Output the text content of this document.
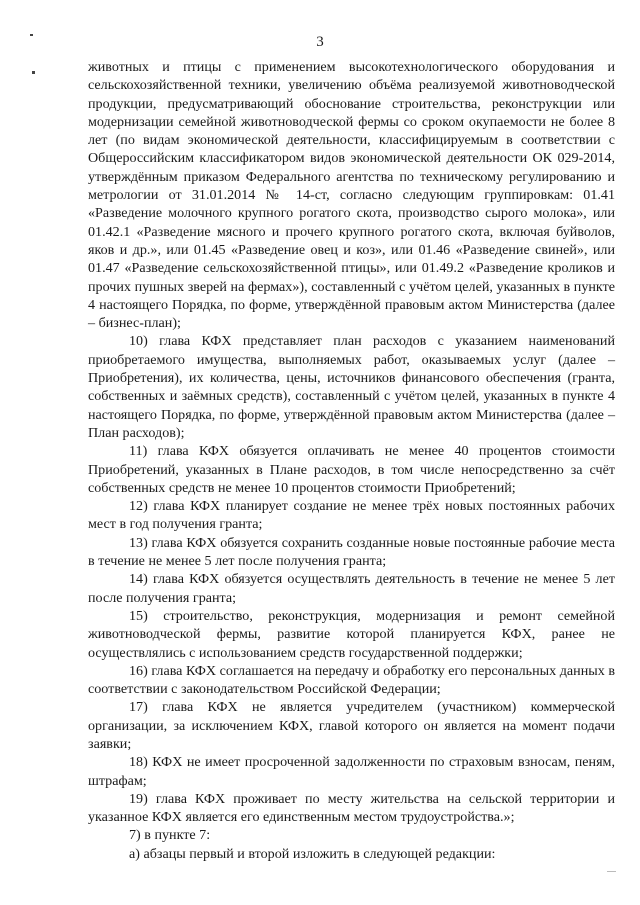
3

животных и птицы с применением высокотехнологического оборудования и сельскохозяйственной техники, увеличению объёма реализуемой животноводческой продукции, предусматривающий обоснование строительства, реконструкции или модернизации семейной животноводческой фермы со сроком окупаемости не более 8 лет (по видам экономической деятельности, классифицируемым в соответствии с Общероссийским классификатором видов экономической деятельности ОК 029-2014, утверждённым приказом Федерального агентства по техническому регулированию и метрологии от 31.01.2014 № 14-ст, согласно следующим группировкам: 01.41 «Разведение молочного крупного рогатого скота, производство сырого молока», или 01.42.1 «Разведение мясного и прочего крупного рогатого скота, включая буйволов, яков и др.», или 01.45 «Разведение овец и коз», или 01.46 «Разведение свиней», или 01.47 «Разведение сельскохозяйственной птицы», или 01.49.2 «Разведение кроликов и прочих пушных зверей на фермах»), составленный с учётом целей, указанных в пункте 4 настоящего Порядка, по форме, утверждённой правовым актом Министерства (далее – бизнес-план);

10) глава КФХ представляет план расходов с указанием наименований приобретаемого имущества, выполняемых работ, оказываемых услуг (далее – Приобретения), их количества, цены, источников финансового обеспечения (гранта, собственных и заёмных средств), составленный с учётом целей, указанных в пункте 4 настоящего Порядка, по форме, утверждённой правовым актом Министерства (далее – План расходов);

11) глава КФХ обязуется оплачивать не менее 40 процентов стоимости Приобретений, указанных в Плане расходов, в том числе непосредственно за счёт собственных средств не менее 10 процентов стоимости Приобретений;

12) глава КФХ планирует создание не менее трёх новых постоянных рабочих мест в год получения гранта;

13) глава КФХ обязуется сохранить созданные новые постоянные рабочие места в течение не менее 5 лет после получения гранта;

14) глава КФХ обязуется осуществлять деятельность в течение не менее 5 лет после получения гранта;

15) строительство, реконструкция, модернизация и ремонт семейной животноводческой фермы, развитие которой планируется КФХ, ранее не осуществлялись с использованием средств государственной поддержки;

16) глава КФХ соглашается на передачу и обработку его персональных данных в соответствии с законодательством Российской Федерации;

17) глава КФХ не является учредителем (участником) коммерческой организации, за исключением КФХ, главой которого он является на момент подачи заявки;

18) КФХ не имеет просроченной задолженности по страховым взносам, пеням, штрафам;

19) глава КФХ проживает по месту жительства на сельской территории и указанное КФХ является его единственным местом трудоустройства.»;

7) в пункте 7:

а) абзацы первый и второй изложить в следующей редакции:
